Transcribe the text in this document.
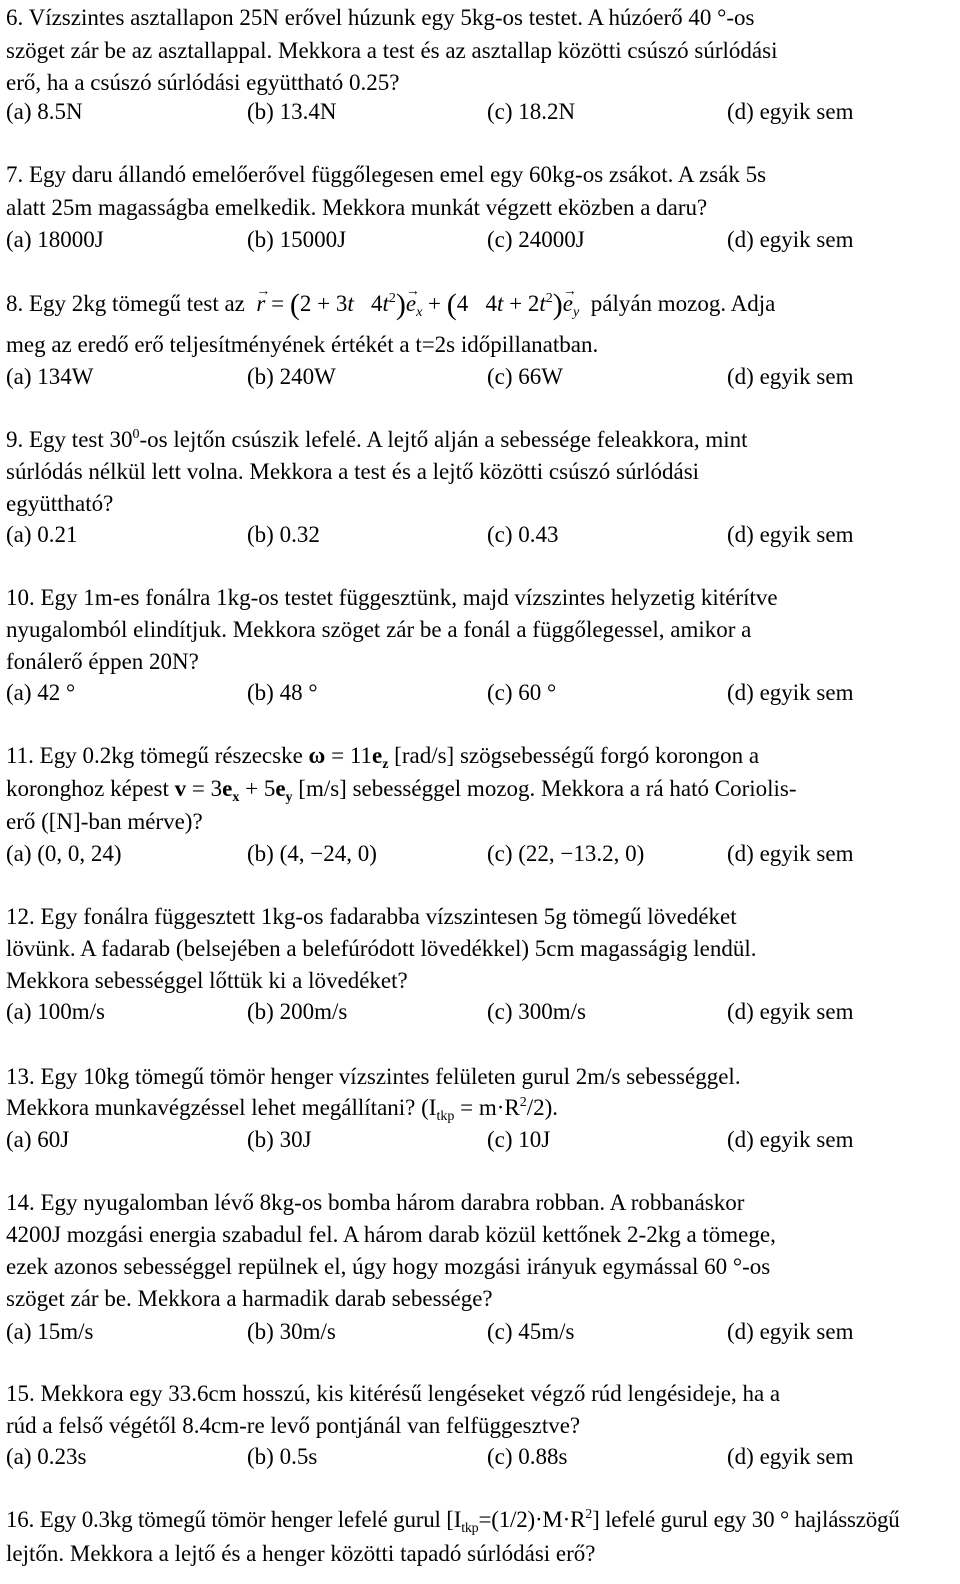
6. Vízszintes asztallapon 25N erővel húzunk egy 5kg-os testet. A húzóerő 40 °-os
szöget zár be az asztallappal. Mekkora a test és az asztallap közötti csúszó súrlódási
erő, ha a csúszó súrlódási együttható 0.25?
(a) 8.5N	(b) 13.4N	(c) 18.2N	(d) egyik sem
7. Egy daru állandó emelőerővel függőlegesen emel egy 60kg-os zsákot. A zsák 5s
alatt 25m magasságba emelkedik. Mekkora munkát végzett eközben a daru?
(a) 18000J	(b) 15000J	(c) 24000J	(d) egyik sem
8. Egy 2kg tömegű test az  → r = (2 + 3t   $4t^2)\to e_x + (4$   $4t + 2t^2)\to e_y$ pályán mozog. Adja
meg az eredő erő teljesítményének értékét a t=2s időpillanatban.
(a) 134W	(b) 240W	(c) 66W	(d) egyik sem
9. Egy test $30^0-os$ lejtőn csúszik lefelé. A lejtő alján a sebessége feleakkora, mint
súrlódás nélkül lett volna. Mekkora a test és a lejtő közötti csúszó súrlódási
együttható?
(a) 0.21	(b) 0.32	(c) 0.43	(d) egyik sem
10. Egy 1m-es fonálra 1kg-os testet függesztünk, majd vízszintes helyzetig kitérítve
nyugalomból elindítjuk. Mekkora szöget zár be a fonál a függőlegessel, amikor a
fonálerő éppen 20N?
(a) 42 °	(b) 48 °	(c) 60 °	(d) egyik sem
11. Egy 0.2kg tömegű részecske $\omega = 11e_z$ [rad/s] szögsebességű forgó korongon a
koronghoz képest $v = 3e_x + 5e_y$ [m/s] sebességgel mozog. Mekkora a rá ható Coriolis-
erő ([N]-ban mérve)?
(a) (0, 0, 24)	(b) (4, −24, 0)	(c) (22, −13.2, 0)	(d) egyik sem
12. Egy fonálra függesztett 1kg-os fadarabba vízszintesen 5g tömegű lövedéket
lövünk. A fadarab (belsejében a belefúródott lövedékkel) 5cm magasságig lendül.
Mekkora sebességgel lőttük ki a lövedéket?
(a) 100m/s	(b) 200m/s	(c) 300m/s	(d) egyik sem
13. Egy 10kg tömegű tömör henger vízszintes felületen gurul 2m/s sebességgel.
Mekkora munkavégzéssel lehet megállítani? $(I_{tkp} = m\cdot R^2/2)$.
(a) 60J	(b) 30J	(c) 10J	(d) egyik sem
14. Egy nyugalomban lévő 8kg-os bomba három darabra robban. A robbanáskor
4200J mozgási energia szabadul fel. A három darab közül kettőnek 2-2kg a tömege,
ezek azonos sebességgel repülnek el, úgy hogy mozgási irányuk egymással 60 °-os
szöget zár be. Mekkora a harmadik darab sebessége?
(a) 15m/s	(b) 30m/s	(c) 45m/s	(d) egyik sem
15. Mekkora egy 33.6cm hosszú, kis kitérésű lengéseket végző rúd lengésideje, ha a
rúd a felső végétől 8.4cm-re levő pontjánál van felfüggesztve?
(a) 0.23s	(b) 0.5s	(c) 0.88s	(d) egyik sem
16. Egy 0.3kg tömegű tömör henger lefelé gurul $[I_{tkp}=(1/2)\cdot M\cdot R^2]$ lefelé gurul egy 30 ° hajlásszögű
lejtőn. Mekkora a lejtő és a henger közötti tapadó súrlódási erő?
